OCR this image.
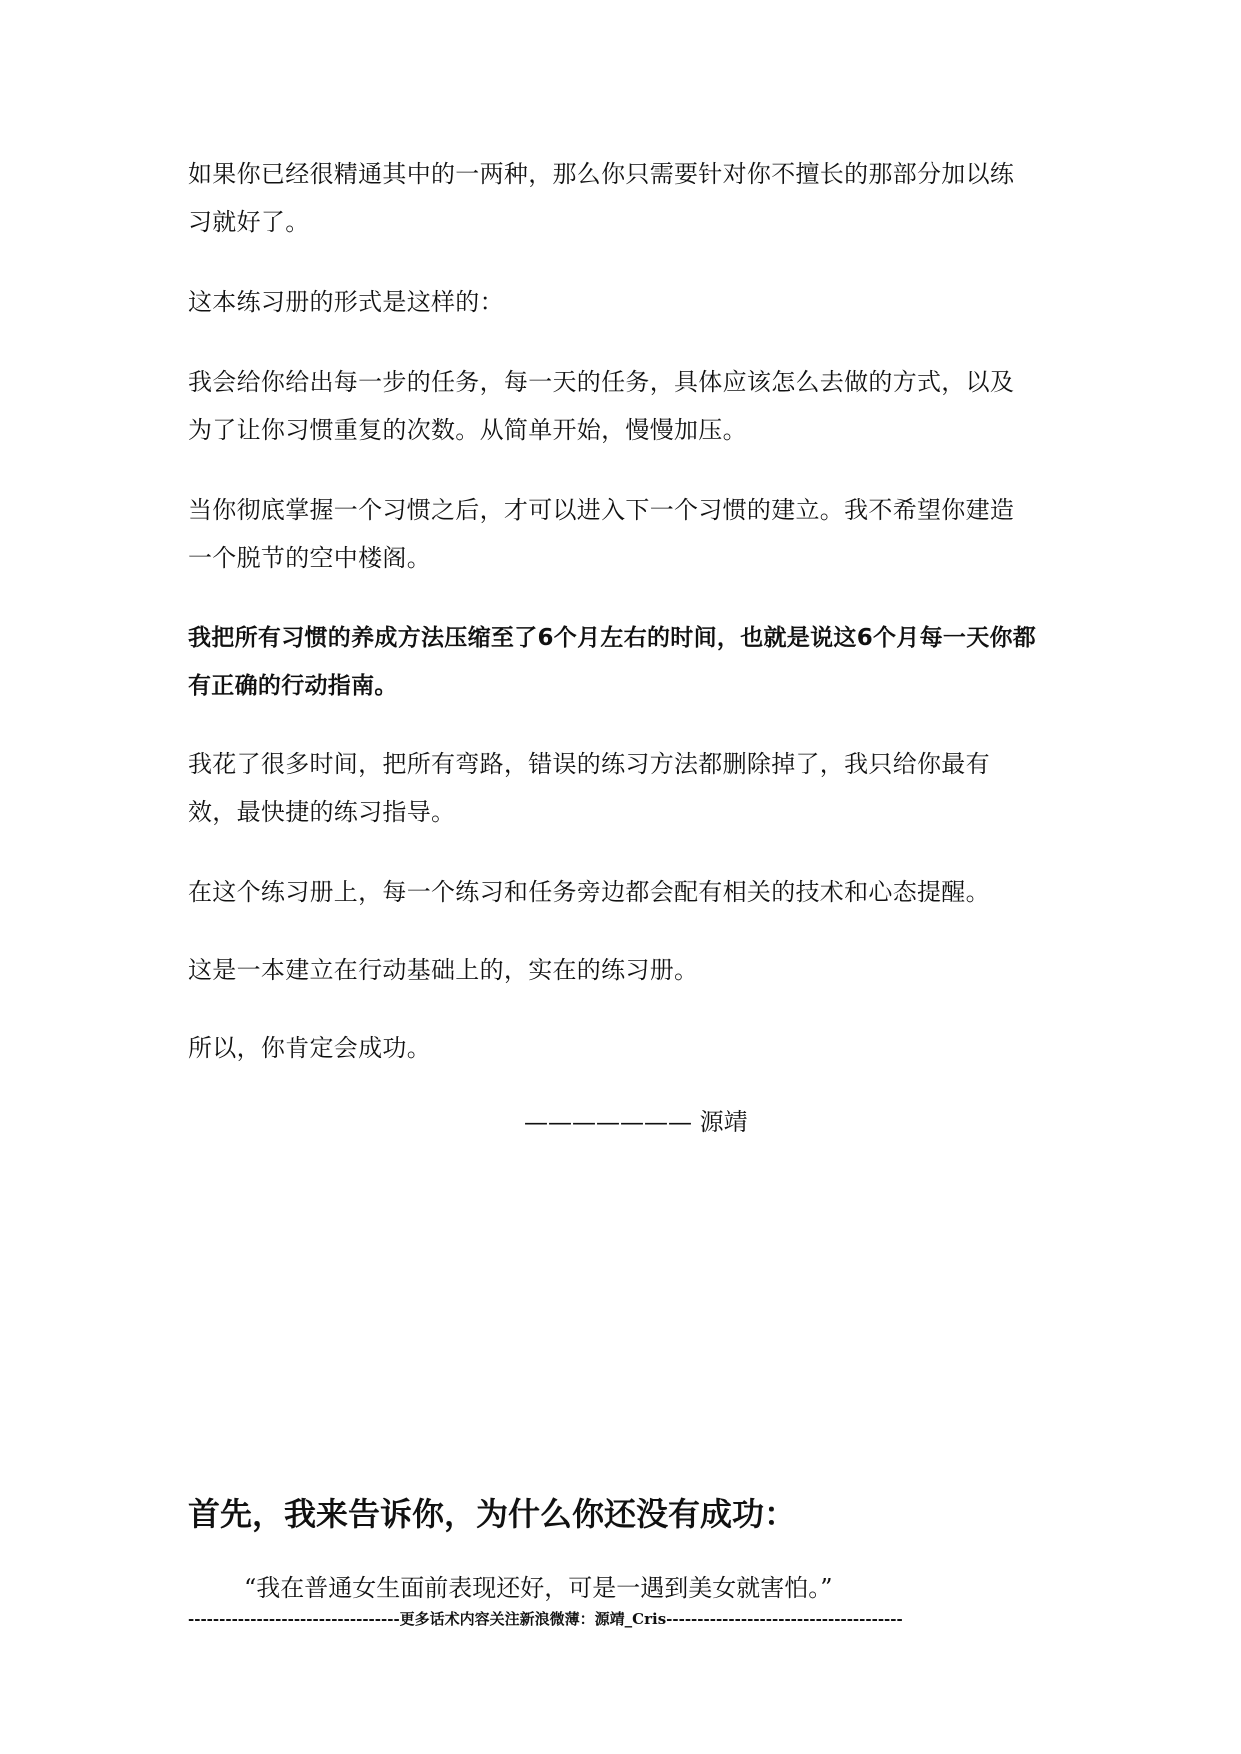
如果你已经很精通其中的一两种，那么你只需要针对你不擅长的那部分加以练习就好了。

这本练习册的形式是这样的：

我会给你给出每一步的任务，每一天的任务，具体应该怎么去做的方式，以及为了让你习惯重复的次数。从简单开始，慢慢加压。

当你彻底掌握一个习惯之后，才可以进入下一个习惯的建立。我不希望你建造一个脱节的空中楼阁。

我把所有习惯的养成方法压缩至了6个月左右的时间，也就是说这6个月每一天你都有正确的行动指南。

我花了很多时间，把所有弯路，错误的练习方法都删除掉了，我只给你最有效，最快捷的练习指导。

在这个练习册上，每一个练习和任务旁边都会配有相关的技术和心态提醒。

这是一本建立在行动基础上的，实在的练习册。

所以，你肯定会成功。

——————— 源靖

首先，我来告诉你，为什么你还没有成功：

“我在普通女生面前表现还好，可是一遇到美女就害怕。”

----------------------------------更多话术内容关注新浪微薄：源靖_Cris--------------------------------------
